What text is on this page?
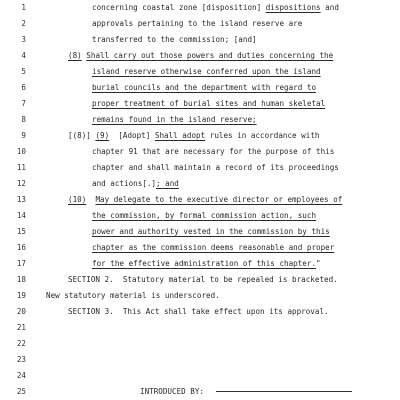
1	concerning coastal zone [disposition] dispositions and
2	approvals pertaining to the island reserve are
3	transferred to the commission; [and]
4	(8) Shall carry out those powers and duties concerning the
5	island reserve otherwise conferred upon the island
6	burial councils and the department with regard to
7	proper treatment of burial sites and human skeletal
8	remains found in the island reserve;
9	[(8)] (9)  [Adopt] Shall adopt rules in accordance with
10	chapter 91 that are necessary for the purpose of this
11	chapter and shall maintain a record of its proceedings
12	and actions[.]; and
13	(10) May delegate to the executive director or employees of
14	the commission, by formal commission action, such
15	power and authority vested in the commission by this
16	chapter as the commission deems reasonable and proper
17	for the effective administration of this chapter."
18	SECTION 2.  Statutory material to be repealed is bracketed.
19	New statutory material is underscored.
20	SECTION 3.  This Act shall take effect upon its approval.
21
22
23
24
25	INTRODUCED BY:
